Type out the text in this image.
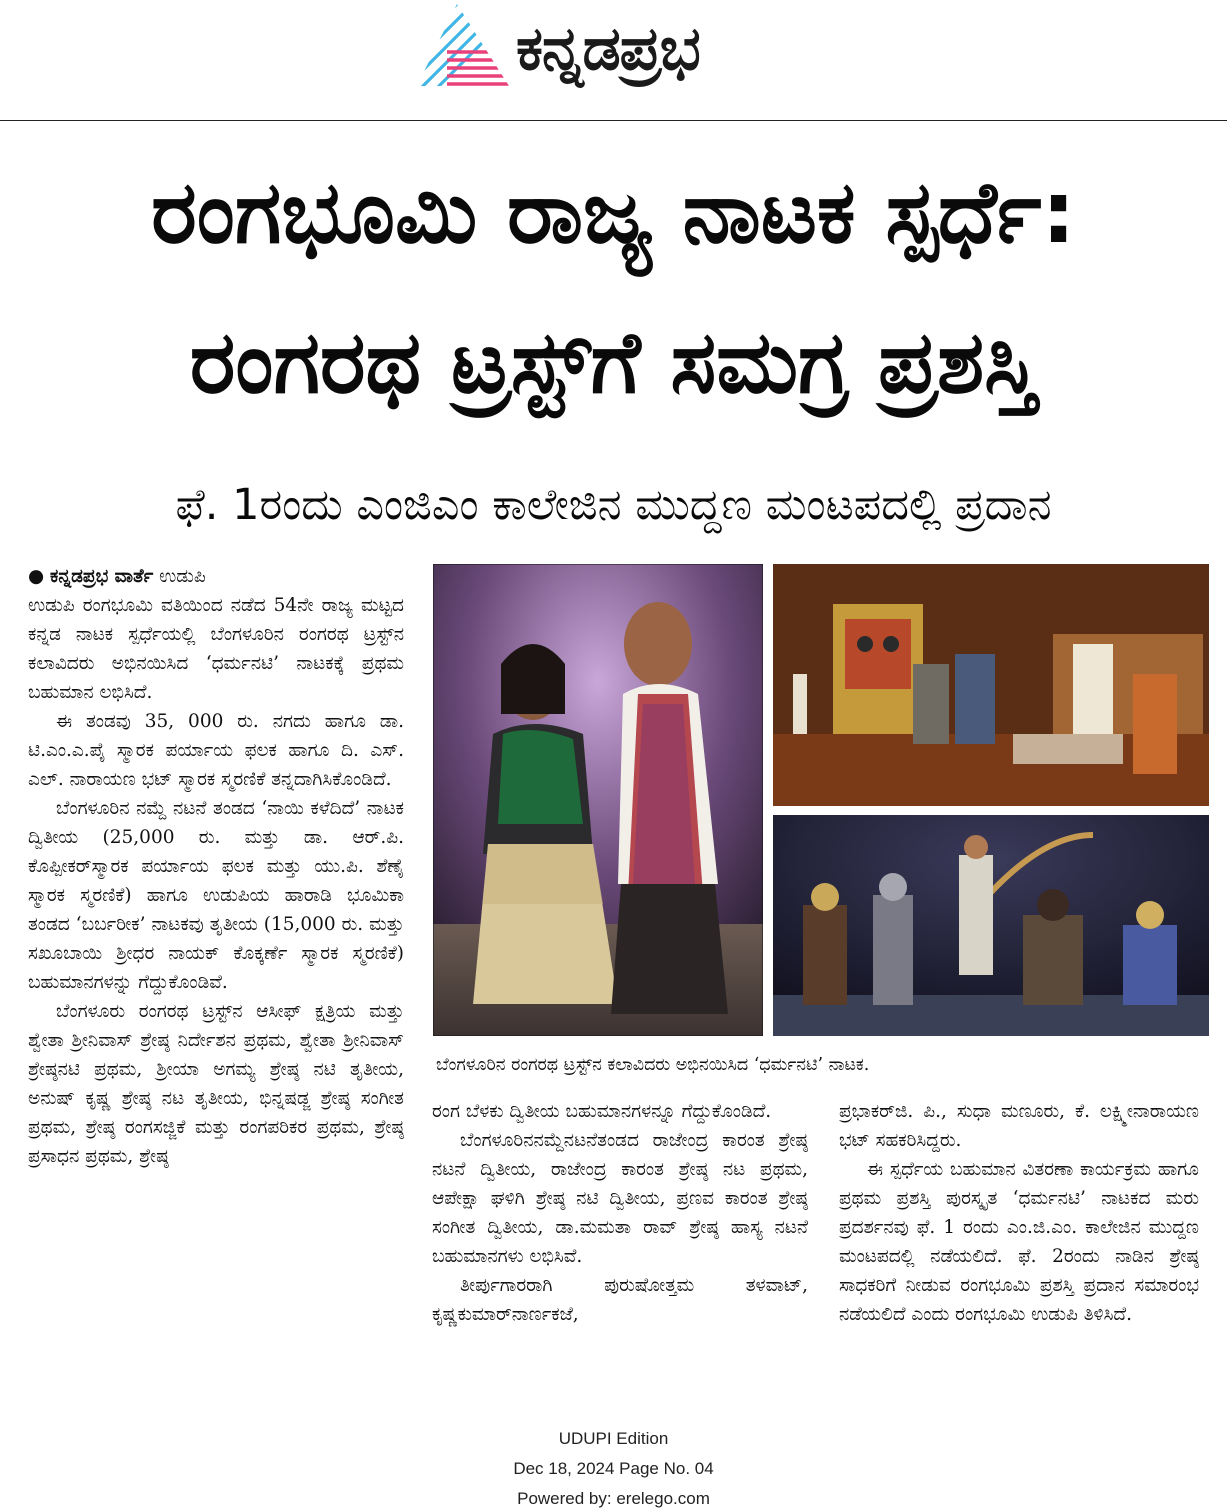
ಕನ್ನಡಪ್ರಭ
ರಂಗಭೂಮಿ ರಾಜ್ಯ ನಾಟಕ ಸ್ಪರ್ಧೆ:
ರಂಗರಥ ಟ್ರಸ್ಟ್‌ಗೆ ಸಮಗ್ರ ಪ್ರಶಸ್ತಿ
ಫೆ. 1ರಂದು ಎಂಜಿಎಂ ಕಾಲೇಜಿನ ಮುದ್ದಣ ಮಂಟಪದಲ್ಲಿ ಪ್ರದಾನ

● ಕನ್ನಡಪ್ರಭ ವಾರ್ತೆ ಉಡುಪಿ

ಉಡುಪಿ ರಂಗಭೂಮಿ ವತಿಯಿಂದ ನಡೆದ 54ನೇ ರಾಜ್ಯ ಮಟ್ಟದ ಕನ್ನಡ ನಾಟಕ ಸ್ಪರ್ಧೆಯಲ್ಲಿ ಬೆಂಗಳೂರಿನ ರಂಗರಥ ಟ್ರಸ್ಟ್‌ನ ಕಲಾವಿದರು ಅಭಿನಯಿಸಿದ ‘ಧರ್ಮನಟಿ’ ನಾಟಕಕ್ಕೆ ಪ್ರಥಮ ಬಹುಮಾನ ಲಭಿಸಿದೆ.

ಈ ತಂಡವು 35, 000 ರು. ನಗದು ಹಾಗೂ ಡಾ. ಟಿ.ಎಂ.ಎ.ಪೈ ಸ್ಮಾರಕ ಪರ್ಯಾಯ ಫಲಕ ಹಾಗೂ ದಿ. ಎಸ್. ಎಲ್. ನಾರಾಯಣ ಭಟ್ ಸ್ಮಾರಕ ಸ್ಮರಣಿಕೆ ತನ್ನದಾಗಿಸಿಕೊಂಡಿದೆ.

ಬೆಂಗಳೂರಿನ ನಮ್ದೆ ನಟನೆ ತಂಡದ ‘ನಾಯಿ ಕಳೆದಿದೆ’ ನಾಟಕ ದ್ವಿತೀಯ (25,000 ರು. ಮತ್ತು ಡಾ. ಆರ್.ಪಿ. ಕೊಪ್ಪೀಕರ್‌ಸ್ಮಾರಕ ಪರ್ಯಾಯ ಫಲಕ ಮತ್ತು ಯು.ಪಿ. ಶೆಣೈ ಸ್ಮಾರಕ ಸ್ಮರಣಿಕೆ) ಹಾಗೂ ಉಡುಪಿಯ ಹಾರಾಡಿ ಭೂಮಿಕಾ ತಂಡದ ‘ಬರ್ಬರೀಕ’ ನಾಟಕವು ತೃತೀಯ (15,000 ರು. ಮತ್ತು ಸಖೂಬಾಯಿ ಶ್ರೀಧರ ನಾಯಕ್ ಕೊಕ್ಕರ್ಣೆ ಸ್ಮಾರಕ ಸ್ಮರಣಿಕೆ) ಬಹುಮಾನಗಳನ್ನು ಗೆದ್ದುಕೊಂಡಿವೆ.

ಬೆಂಗಳೂರು ರಂಗರಥ ಟ್ರಸ್ಟ್‌ನ ಆಸೀಫ್ ಕ್ಷತ್ರಿಯ ಮತ್ತು ಶ್ವೇತಾ ಶ್ರೀನಿವಾಸ್ ಶ್ರೇಷ್ಠ ನಿರ್ದೇಶನ ಪ್ರಥಮ, ಶ್ವೇತಾ ಶ್ರೀನಿವಾಸ್ ಶ್ರೇಷ್ಠನಟಿ ಪ್ರಥಮ, ಶ್ರೀಯಾ ಅಗಮ್ಯ ಶ್ರೇಷ್ಠ ನಟಿ ತೃತೀಯ, ಅನುಷ್ ಕೃಷ್ಣ ಶ್ರೇಷ್ಠ ನಟ ತೃತೀಯ, ಭಿನ್ನಷಡ್ಜ ಶ್ರೇಷ್ಠ ಸಂಗೀತ ಪ್ರಥಮ, ಶ್ರೇಷ್ಠ ರಂಗಸಜ್ಜಿಕೆ ಮತ್ತು ರಂಗಪರಿಕರ ಪ್ರಥಮ, ಶ್ರೇಷ್ಠ ಪ್ರಸಾಧನ ಪ್ರಥಮ, ಶ್ರೇಷ್ಠ

ಬೆಂಗಳೂರಿನ ರಂಗರಥ ಟ್ರಸ್ಟ್‌ನ ಕಲಾವಿದರು ಅಭಿನಯಿಸಿದ ‘ಧರ್ಮನಟಿ’ ನಾಟಕ.

ರಂಗ ಬೆಳಕು ದ್ವಿತೀಯ ಬಹುಮಾನಗಳನ್ನೂ ಗೆದ್ದುಕೊಂಡಿದೆ.

ಬೆಂಗಳೂರಿನನಮ್ದೆನಟನೆತಂಡದ ರಾಜೇಂದ್ರ ಕಾರಂತ ಶ್ರೇಷ್ಠ ನಟನೆ ದ್ವಿತೀಯ, ರಾಜೇಂದ್ರ ಕಾರಂತ ಶ್ರೇಷ್ಠ ನಟ ಪ್ರಥಮ, ಆಪೇಕ್ಷಾ ಘಳಿಗಿ ಶ್ರೇಷ್ಠ ನಟಿ ದ್ವಿತೀಯ, ಪ್ರಣವ ಕಾರಂತ ಶ್ರೇಷ್ಠ ಸಂಗೀತ ದ್ವಿತೀಯ, ಡಾ.ಮಮತಾ ರಾವ್ ಶ್ರೇಷ್ಠ ಹಾಸ್ಯ ನಟನೆ ಬಹುಮಾನಗಳು ಲಭಿಸಿವೆ.

ತೀರ್ಪುಗಾರರಾಗಿ ಪುರುಷೋತ್ತಮ ತಳವಾಟ್, ಕೃಷ್ಣಕುಮಾರ್‌ನಾರ್ಣಕಜೆ,

ಪ್ರಭಾಕರ್‌ಜಿ. ಪಿ., ಸುಧಾ ಮಣೂರು, ಕೆ. ಲಕ್ಷ್ಮೀನಾರಾಯಣ ಭಟ್ ಸಹಕರಿಸಿದ್ದರು.

ಈ ಸ್ಪರ್ಧೆಯ ಬಹುಮಾನ ವಿತರಣಾ ಕಾರ್ಯಕ್ರಮ ಹಾಗೂ ಪ್ರಥಮ ಪ್ರಶಸ್ತಿ ಪುರಸ್ಕೃತ ‘ಧರ್ಮನಟಿ’ ನಾಟಕದ ಮರು ಪ್ರದರ್ಶನವು ಫೆ. 1 ರಂದು ಎಂ.ಜಿ.ಎಂ. ಕಾಲೇಜಿನ ಮುದ್ದಣ ಮಂಟಪದಲ್ಲಿ ನಡೆಯಲಿದೆ. ಫೆ. 2ರಂದು ನಾಡಿನ ಶ್ರೇಷ್ಠ ಸಾಧಕರಿಗೆ ನೀಡುವ ರಂಗಭೂಮಿ ಪ್ರಶಸ್ತಿ ಪ್ರದಾನ ಸಮಾರಂಭ ನಡೆಯಲಿದೆ ಎಂದು ರಂಗಭೂಮಿ ಉಡುಪಿ ತಿಳಿಸಿದೆ.

UDUPI Edition
Dec 18, 2024 Page No. 04
Powered by: erelego.com
